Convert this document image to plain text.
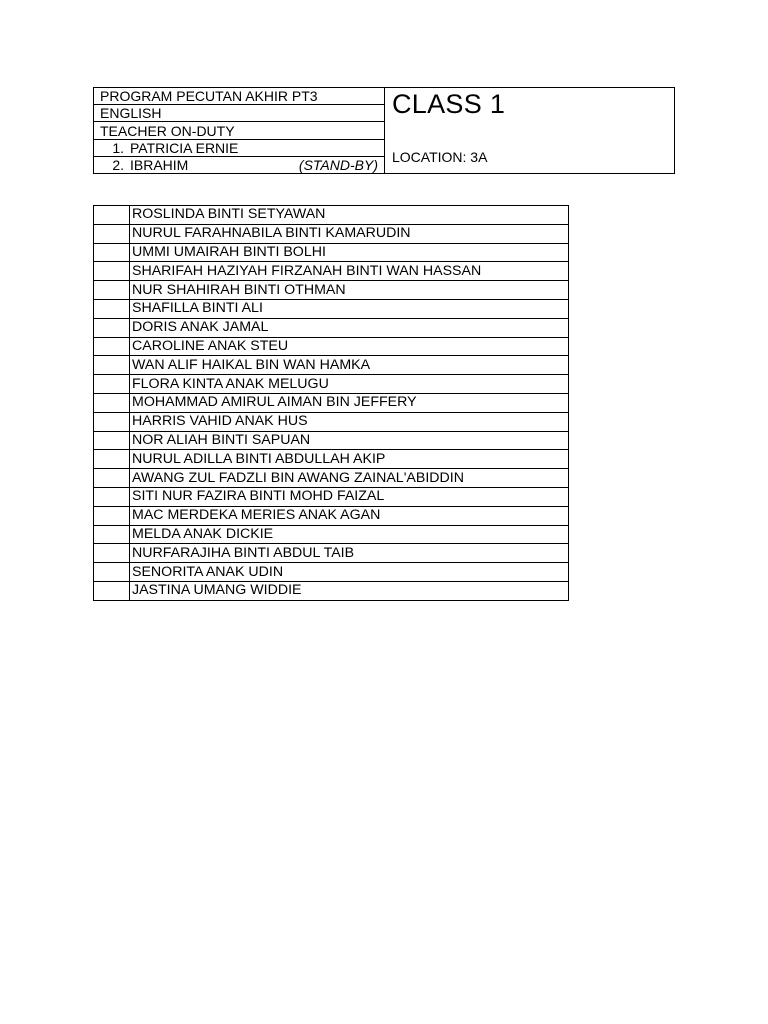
PROGRAM PECUTAN AKHIR PT3
ENGLISH
TEACHER ON-DUTY
1. PATRICIA ERNIE
2. IBRAHIM	(STAND-BY)
CLASS 1
LOCATION: 3A
	ROSLINDA BINTI SETYAWAN
	NURUL FARAHNABILA BINTI KAMARUDIN
	UMMI UMAIRAH BINTI BOLHI
	SHARIFAH HAZIYAH FIRZANAH BINTI WAN HASSAN
	NUR SHAHIRAH BINTI OTHMAN
	SHAFILLA BINTI ALI
	DORIS ANAK JAMAL
	CAROLINE ANAK STEU
	WAN ALIF HAIKAL BIN WAN HAMKA
	FLORA KINTA ANAK MELUGU
	MOHAMMAD AMIRUL AIMAN BIN JEFFERY
	HARRIS VAHID ANAK HUS
	NOR ALIAH BINTI SAPUAN
	NURUL ADILLA BINTI ABDULLAH AKIP
	AWANG ZUL FADZLI BIN AWANG ZAINAL'ABIDDIN
	SITI NUR FAZIRA BINTI MOHD FAIZAL
	MAC MERDEKA MERIES ANAK AGAN
	MELDA ANAK DICKIE
	NURFARAJIHA BINTI ABDUL TAIB
	SENORITA ANAK UDIN
	JASTINA UMANG WIDDIE
